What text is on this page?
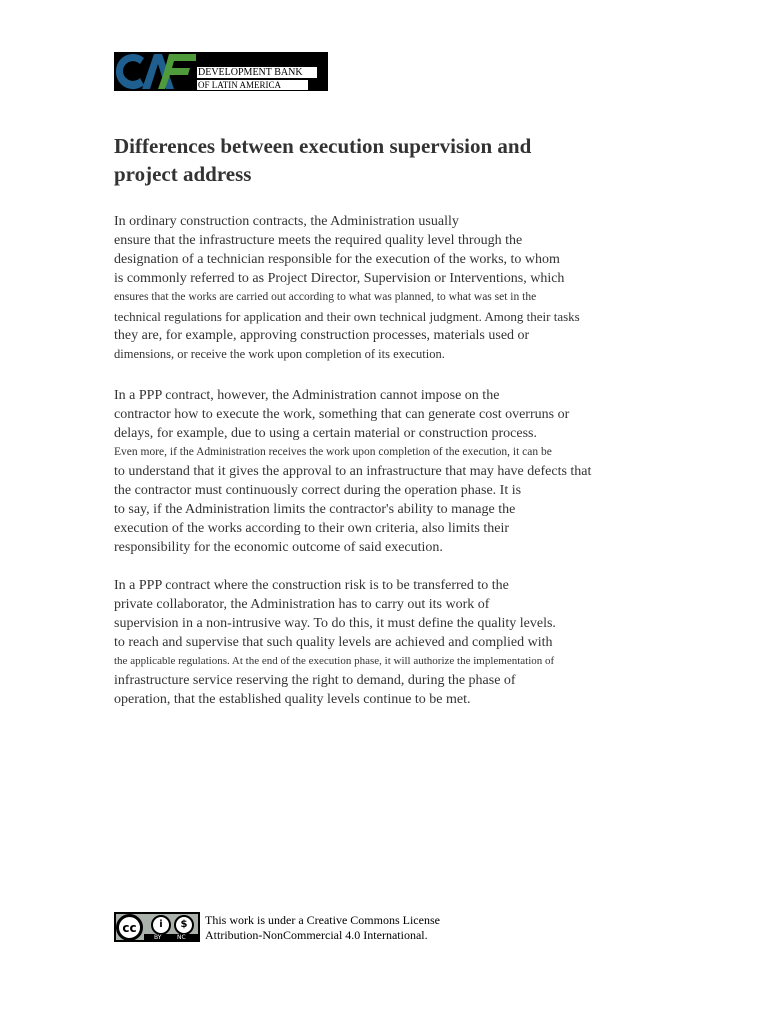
DEVELOPMENT BANK
OF LATIN AMERICA
Differences between execution supervision and
project address
In ordinary construction contracts, the Administration usually
ensure that the infrastructure meets the required quality level through the
designation of a technician responsible for the execution of the works, to whom
is commonly referred to as Project Director, Supervision or Interventions, which
ensures that the works are carried out according to what was planned, to what was set in the
technical regulations for application and their own technical judgment. Among their tasks
they are, for example, approving construction processes, materials used or
dimensions, or receive the work upon completion of its execution.
In a PPP contract, however, the Administration cannot impose on the
contractor how to execute the work, something that can generate cost overruns or
delays, for example, due to using a certain material or construction process.
Even more, if the Administration receives the work upon completion of the execution, it can be
to understand that it gives the approval to an infrastructure that may have defects that
the contractor must continuously correct during the operation phase. It is
to say, if the Administration limits the contractor's ability to manage the
execution of the works according to their own criteria, also limits their
responsibility for the economic outcome of said execution.
In a PPP contract where the construction risk is to be transferred to the
private collaborator, the Administration has to carry out its work of
supervision in a non-intrusive way. To do this, it must define the quality levels.
to reach and supervise that such quality levels are achieved and complied with
the applicable regulations. At the end of the execution phase, it will authorize the implementation of
infrastructure service reserving the right to demand, during the phase of
operation, that the established quality levels continue to be met.
cc	i	$
BY	NC
This work is under a Creative Commons License
Attribution-NonCommercial 4.0 International.
